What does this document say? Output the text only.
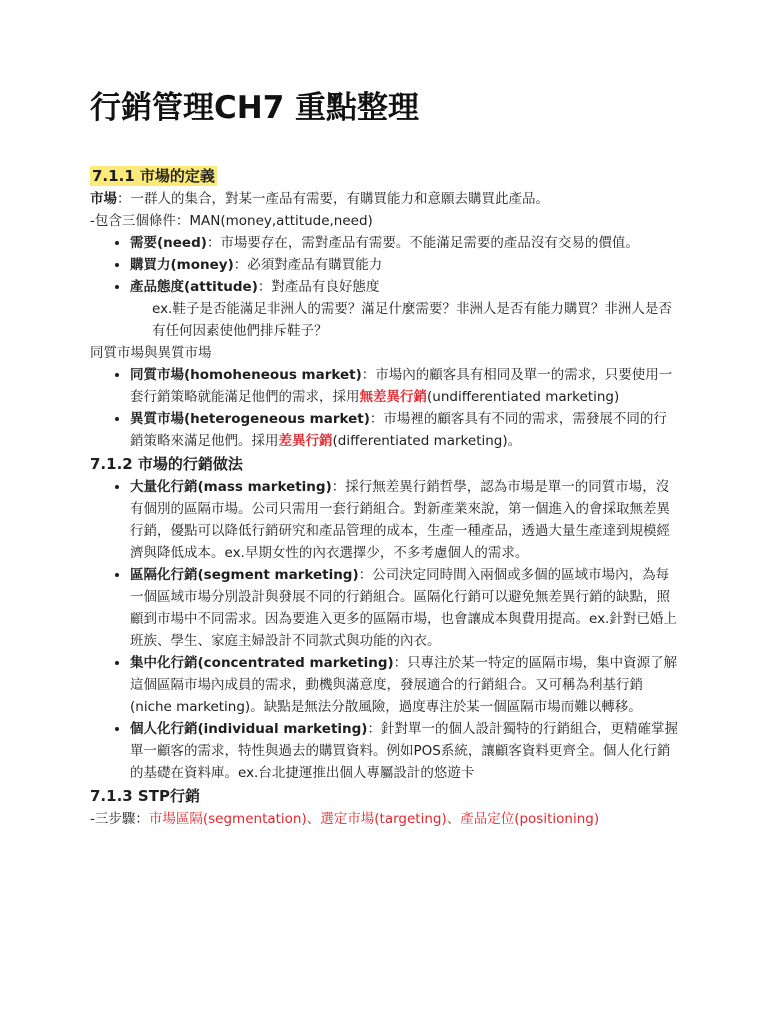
行銷管理CH7 重點整理
7.1.1 市場的定義

市場：一群人的集合，對某一產品有需要，有購買能力和意願去購買此產品。

-包含三個條件：MAN(money,attitude,need)

• 需要(need)：市場要存在，需對產品有需要。不能滿足需要的產品沒有交易的價值。
• 購買力(money)：必須對產品有購買能力
• 產品態度(attitude)：對產品有良好態度

ex.鞋子是否能滿足非洲人的需要？滿足什麼需要？非洲人是否有能力購買？非洲人是否有任何因素使他們排斥鞋子？

同質市場與異質市場

• 同質市場(homoheneous market)：市場內的顧客具有相同及單一的需求，只要使用一套行銷策略就能滿足他們的需求，採用無差異行銷(undifferentiated marketing)
• 異質市場(heterogeneous market)：市場裡的顧客具有不同的需求，需發展不同的行銷策略來滿足他們。採用差異行銷(differentiated marketing)。
7.1.2 市場的行銷做法
• 大量化行銷(mass marketing)：採行無差異行銷哲學，認為市場是單一的同質市場，沒有個別的區隔市場。公司只需用一套行銷組合。對新產業來說，第一個進入的會採取無差異行銷，優點可以降低行銷研究和產品管理的成本，生產一種產品，透過大量生產達到規模經濟與降低成本。ex.早期女性的內衣選擇少，不多考慮個人的需求。
• 區隔化行銷(segment marketing)：公司決定同時間入兩個或多個的區域市場內，為每一個區域市場分別設計與發展不同的行銷組合。區隔化行銷可以避免無差異行銷的缺點，照顧到市場中不同需求。因為要進入更多的區隔市場，也會讓成本與費用提高。ex.針對已婚上班族、學生、家庭主婦設計不同款式與功能的內衣。
• 集中化行銷(concentrated marketing)：只專注於某一特定的區隔市場，集中資源了解這個區隔市場內成員的需求，動機與滿意度，發展適合的行銷組合。又可稱為利基行銷(niche marketing)。缺點是無法分散風險，過度專注於某一個區隔市場而難以轉移。
• 個人化行銷(individual marketing)：針對單一的個人設計獨特的行銷組合，更精確掌握單一顧客的需求，特性與過去的購買資料。例如POS系統，讓顧客資料更齊全。個人化行銷的基礎在資料庫。ex.台北捷運推出個人專屬設計的悠遊卡
7.1.3 STP行銷

-三步驟：市場區隔(segmentation)、選定市場(targeting)、產品定位(positioning)
